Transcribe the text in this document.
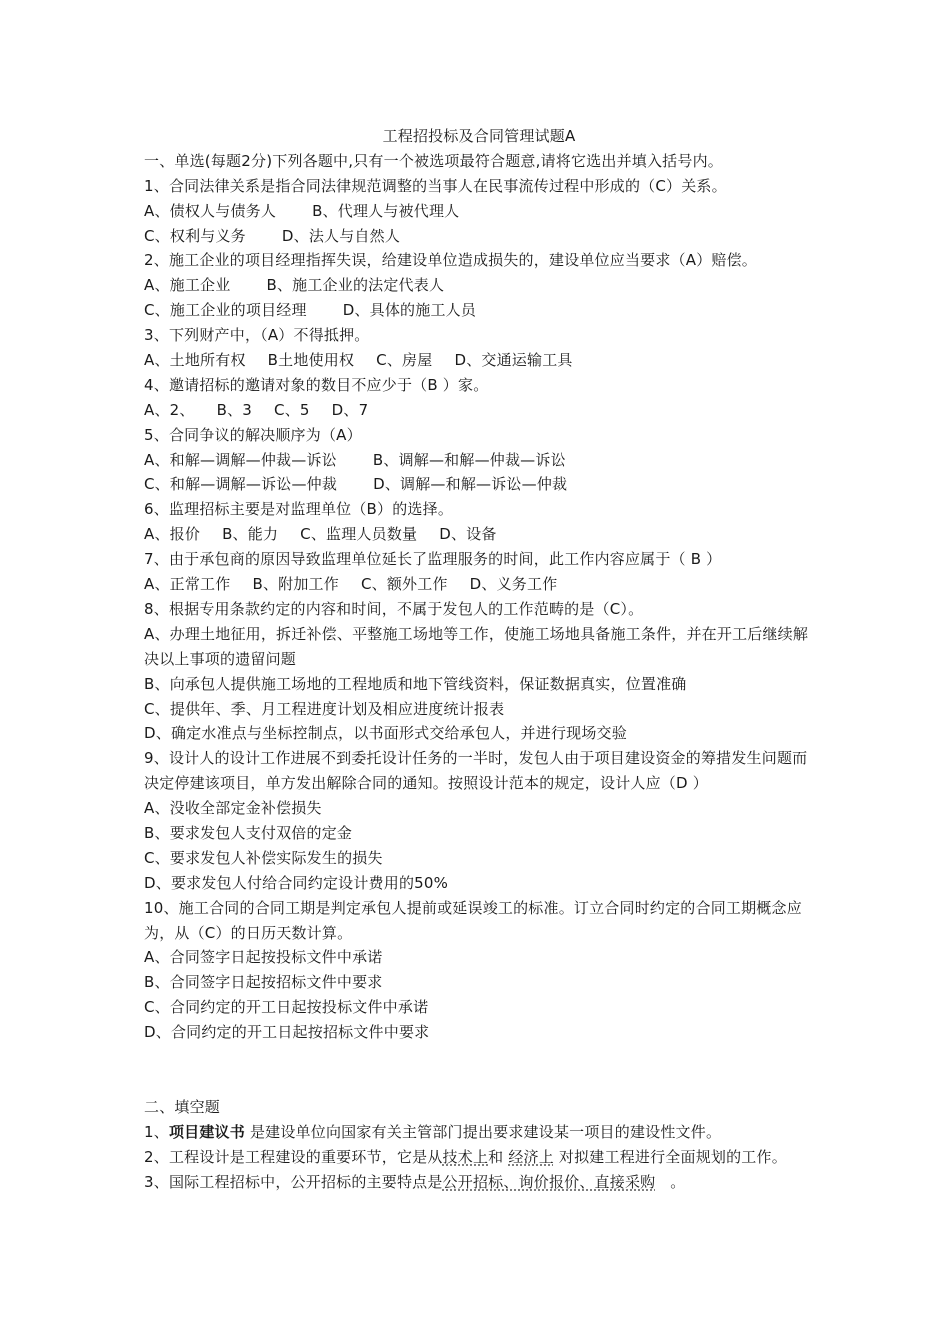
工程招投标及合同管理试题A
一、单选(每题2分)下列各题中,只有一个被选项最符合题意,请将它选出并填入括号内。
1、合同法律关系是指合同法律规范调整的当事人在民事流传过程中形成的（C）关系。
A、债权人与债务人 B、代理人与被代理人
C、权利与义务 D、法人与自然人
2、施工企业的项目经理指挥失误，给建设单位造成损失的，建设单位应当要求（A）赔偿。
A、施工企业 B、施工企业的法定代表人
C、施工企业的项目经理 D、具体的施工人员
3、下列财产中，（A）不得抵押。
A、土地所有权 B土地使用权 C、房屋 D、交通运输工具
4、邀请招标的邀请对象的数目不应少于（B ）家。
A、2、 B、3 C、5 D、7
5、合同争议的解决顺序为（A）
A、和解—调解—仲裁—诉讼 B、调解—和解—仲裁—诉讼
C、和解—调解—诉讼—仲裁 D、调解—和解—诉讼—仲裁
6、监理招标主要是对监理单位（B）的选择。
A、报价 B、能力 C、监理人员数量 D、设备
7、由于承包商的原因导致监理单位延长了监理服务的时间，此工作内容应属于（ B ）
A、正常工作 B、附加工作 C、额外工作 D、义务工作
8、根据专用条款约定的内容和时间，不属于发包人的工作范畴的是（C）。
A、办理土地征用，拆迁补偿、平整施工场地等工作，使施工场地具备施工条件，并在开工后继续解决以上事项的遗留问题
B、向承包人提供施工场地的工程地质和地下管线资料，保证数据真实，位置准确
C、提供年、季、月工程进度计划及相应进度统计报表
D、确定水准点与坐标控制点，以书面形式交给承包人，并进行现场交验
9、设计人的设计工作进展不到委托设计任务的一半时，发包人由于项目建设资金的筹措发生问题而决定停建该项目，单方发出解除合同的通知。按照设计范本的规定，设计人应（D ）
A、没收全部定金补偿损失
B、要求发包人支付双倍的定金
C、要求发包人补偿实际发生的损失
D、要求发包人付给合同约定设计费用的50%
10、施工合同的合同工期是判定承包人提前或延误竣工的标准。订立合同时约定的合同工期概念应为，从（C）的日历天数计算。
A、合同签字日起按投标文件中承诺
B、合同签字日起按招标文件中要求
C、合同约定的开工日起按投标文件中承诺
D、合同约定的开工日起按招标文件中要求
二、填空题
1、项目建议书 是建设单位向国家有关主管部门提出要求建设某一项目的建设性文件。
2、工程设计是工程建设的重要环节，它是从技术上和 经济上 对拟建工程进行全面规划的工作。
3、国际工程招标中，公开招标的主要特点是公开招标、询价报价、直接采购 。
